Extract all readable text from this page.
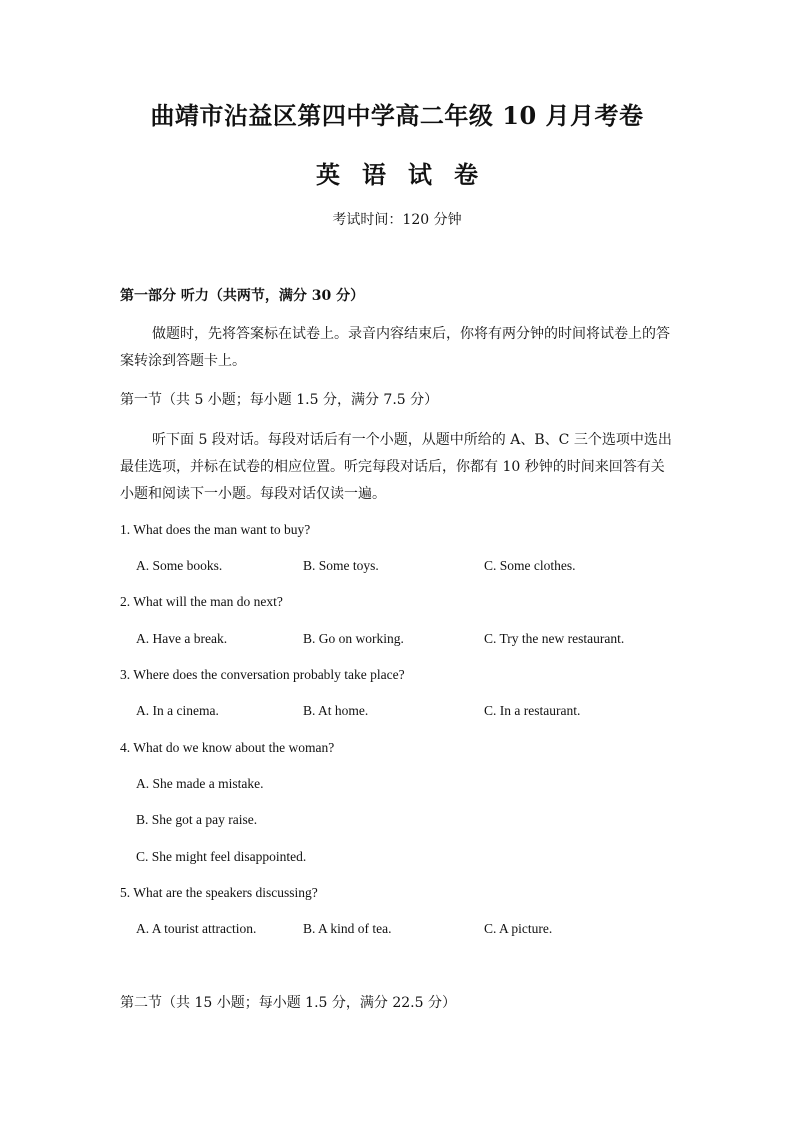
曲靖市沾益区第四中学高二年级 10 月月考卷
英语试卷
考试时间：120 分钟
第一部分 听力（共两节，满分 30 分）
做题时，先将答案标在试卷上。录音内容结束后，你将有两分钟的时间将试卷上的答案转涂到答题卡上。
第一节（共 5 小题；每小题 1.5 分，满分 7.5 分）
听下面 5 段对话。每段对话后有一个小题，从题中所给的 A、B、C 三个选项中选出最佳选项，并标在试卷的相应位置。听完每段对话后，你都有 10 秒钟的时间来回答有关小题和阅读下一小题。每段对话仅读一遍。
1. What does the man want to buy?
A. Some books.	B. Some toys.	C. Some clothes.
2. What will the man do next?
A. Have a break.	B. Go on working.	C. Try the new restaurant.
3. Where does the conversation probably take place?
A. In a cinema.	B. At home.	C. In a restaurant.
4. What do we know about the woman?
A. She made a mistake.
B. She got a pay raise.
C. She might feel disappointed.
5. What are the speakers discussing?
A. A tourist attraction.	B. A kind of tea.	C. A picture.
第二节（共 15 小题；每小题 1.5 分，满分 22.5 分）
